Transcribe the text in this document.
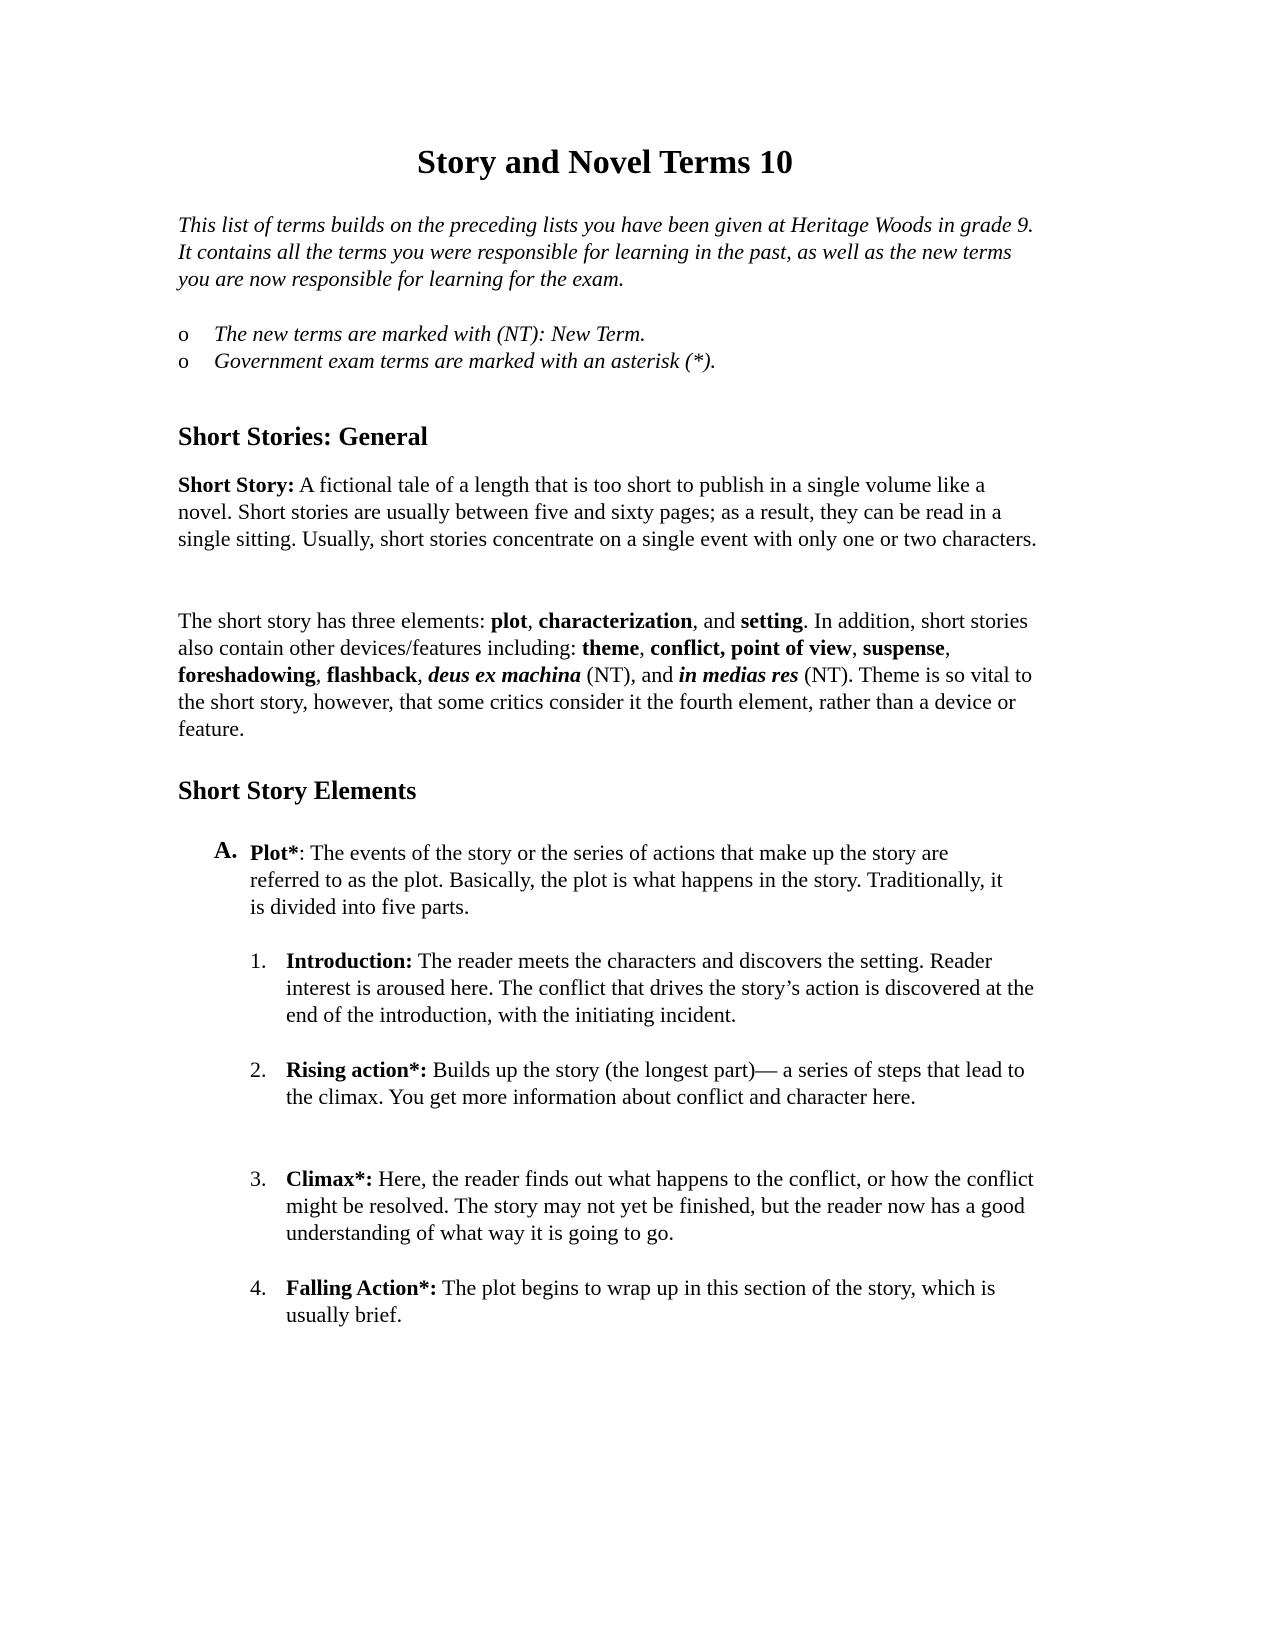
Story and Novel Terms 10
This list of terms builds on the preceding lists you have been given at Heritage Woods in grade 9. It contains all the terms you were responsible for learning in the past, as well as the new terms you are now responsible for learning for the exam.
o The new terms are marked with (NT): New Term.
o Government exam terms are marked with an asterisk (*).
Short Stories: General
Short Story: A fictional tale of a length that is too short to publish in a single volume like a novel. Short stories are usually between five and sixty pages; as a result, they can be read in a single sitting. Usually, short stories concentrate on a single event with only one or two characters.
The short story has three elements: plot, characterization, and setting. In addition, short stories also contain other devices/features including: theme, conflict, point of view, suspense, foreshadowing, flashback, deus ex machina (NT), and in medias res (NT). Theme is so vital to the short story, however, that some critics consider it the fourth element, rather than a device or feature.
Short Story Elements
A. Plot*: The events of the story or the series of actions that make up the story are referred to as the plot. Basically, the plot is what happens in the story. Traditionally, it is divided into five parts.
1. Introduction: The reader meets the characters and discovers the setting. Reader interest is aroused here. The conflict that drives the story’s action is discovered at the end of the introduction, with the initiating incident.
2. Rising action*: Builds up the story (the longest part)— a series of steps that lead to the climax. You get more information about conflict and character here.
3. Climax*: Here, the reader finds out what happens to the conflict, or how the conflict might be resolved. The story may not yet be finished, but the reader now has a good understanding of what way it is going to go.
4. Falling Action*: The plot begins to wrap up in this section of the story, which is usually brief.
